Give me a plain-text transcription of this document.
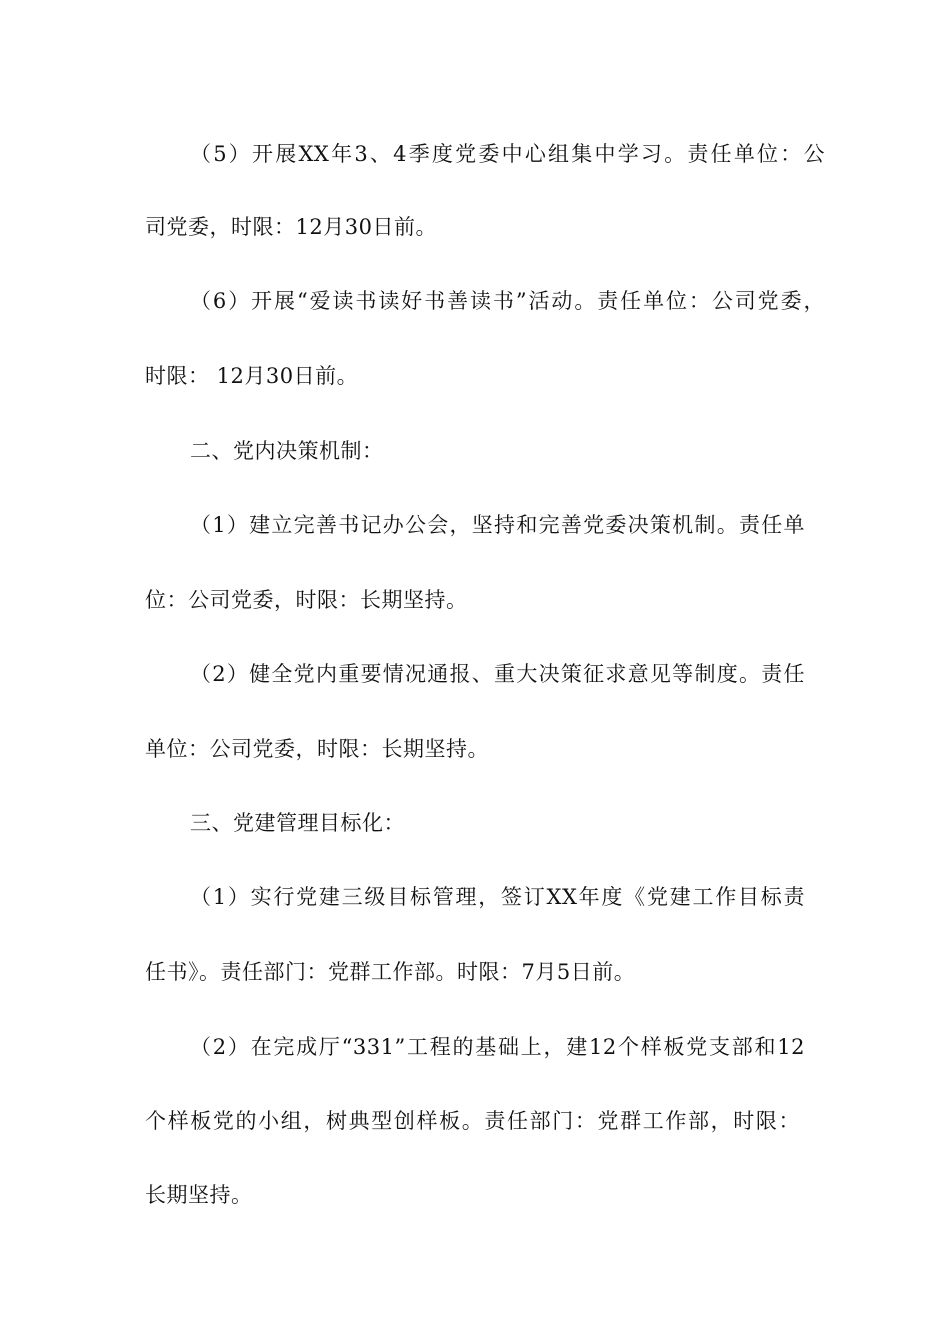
（5）开展XX年3、4季度党委中心组集中学习。责任单位：公
司党委，时限：12月30日前。
（6）开展“爱读书读好书善读书”活动。责任单位：公司党委，
时限： 12月30日前。
二、党内决策机制：
（1）建立完善书记办公会，坚持和完善党委决策机制。责任单
位：公司党委，时限：长期坚持。
（2）健全党内重要情况通报、重大决策征求意见等制度。责任
单位：公司党委，时限：长期坚持。
三、党建管理目标化：
（1）实行党建三级目标管理，签订XX年度《党建工作目标责
任书》。责任部门：党群工作部。时限：7月5日前。
（2）在完成厅“331”工程的基础上，建12个样板党支部和12
个样板党的小组，树典型创样板。责任部门：党群工作部，时限：
长期坚持。
